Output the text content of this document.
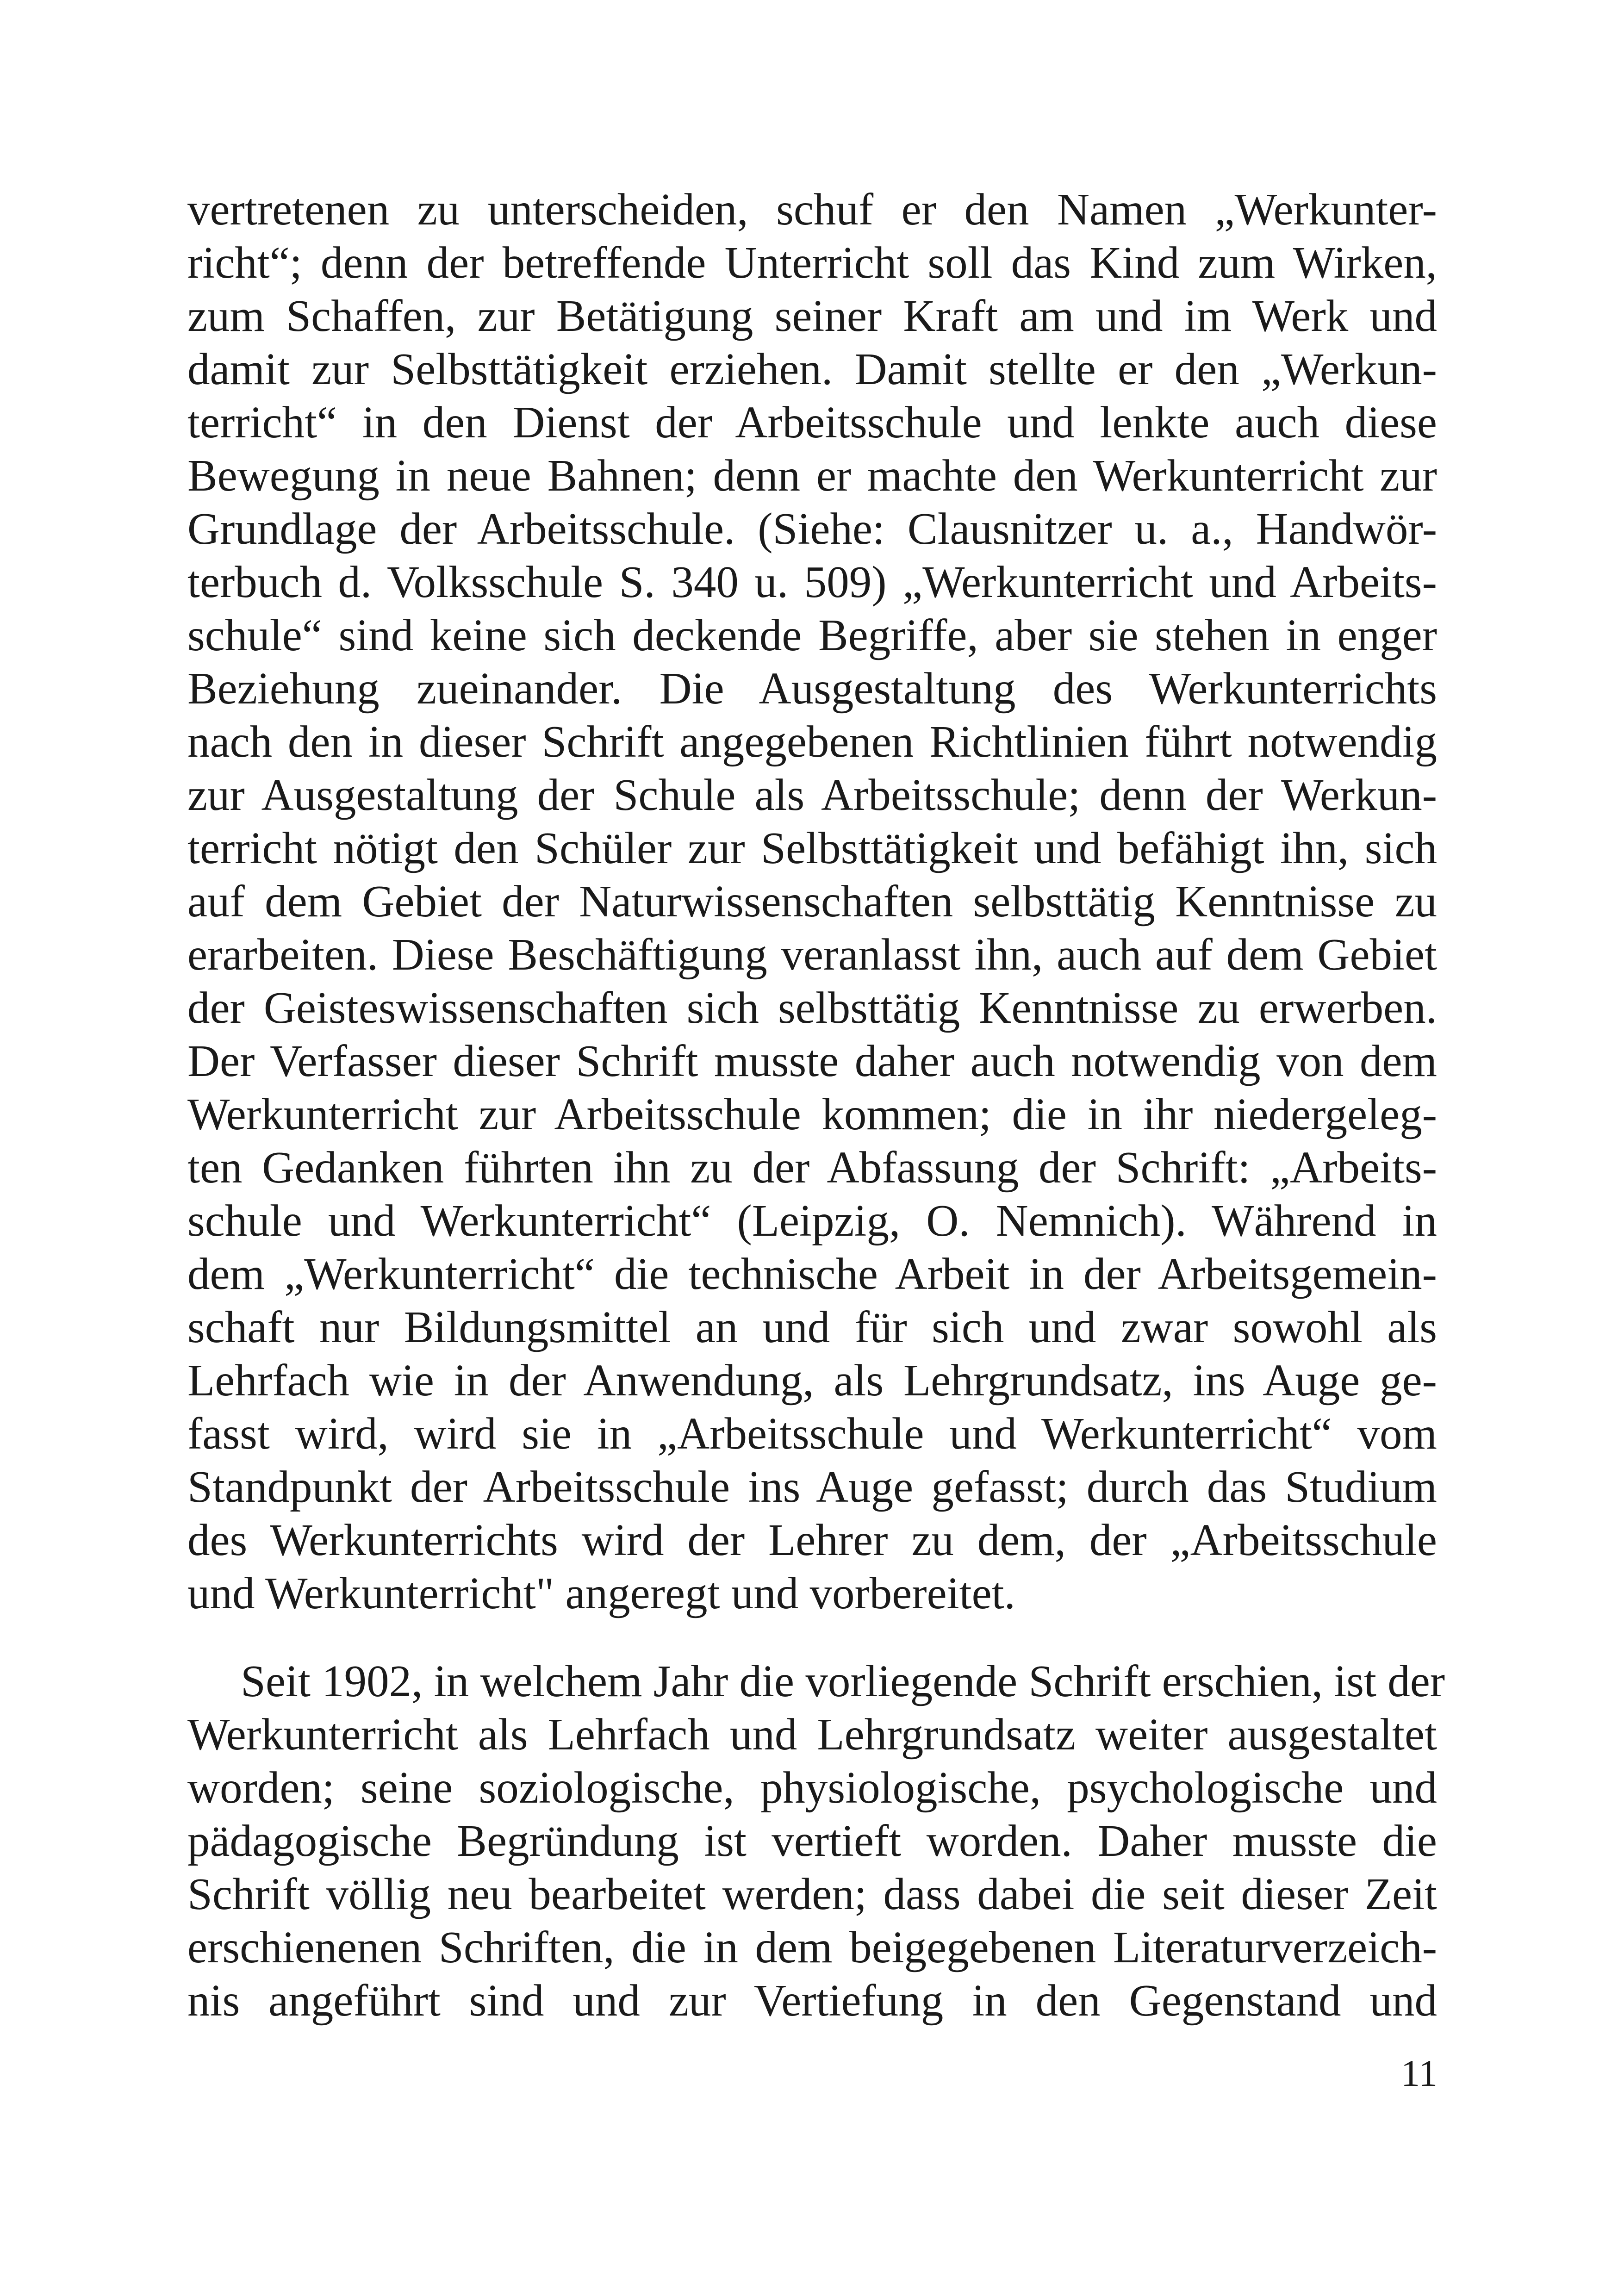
vertretenen zu unterscheiden, schuf er den Namen „Werkunter-
richt“; denn der betreffende Unterricht soll das Kind zum Wirken,
zum Schaffen, zur Betätigung seiner Kraft am und im Werk und
damit zur Selbsttätigkeit erziehen. Damit stellte er den „Werkun-
terricht“ in den Dienst der Arbeitsschule und lenkte auch diese
Bewegung in neue Bahnen; denn er machte den Werkunterricht zur
Grundlage der Arbeitsschule. (Siehe: Clausnitzer u. a., Handwör-
terbuch d. Volksschule S. 340 u. 509) „Werkunterricht und Arbeits-
schule“ sind keine sich deckende Begriffe, aber sie stehen in enger
Beziehung zueinander. Die Ausgestaltung des Werkunterrichts
nach den in dieser Schrift angegebenen Richtlinien führt notwendig
zur Ausgestaltung der Schule als Arbeitsschule; denn der Werkun-
terricht nötigt den Schüler zur Selbsttätigkeit und befähigt ihn, sich
auf dem Gebiet der Naturwissenschaften selbsttätig Kenntnisse zu
erarbeiten. Diese Beschäftigung veranlasst ihn, auch auf dem Gebiet
der Geisteswissenschaften sich selbsttätig Kenntnisse zu erwerben.
Der Verfasser dieser Schrift musste daher auch notwendig von dem
Werkunterricht zur Arbeitsschule kommen; die in ihr niedergeleg-
ten Gedanken führten ihn zu der Abfassung der Schrift: „Arbeits-
schule und Werkunterricht“ (Leipzig, O. Nemnich). Während in
dem „Werkunterricht“ die technische Arbeit in der Arbeitsgemein-
schaft nur Bildungsmittel an und für sich und zwar sowohl als
Lehrfach wie in der Anwendung, als Lehrgrundsatz, ins Auge ge-
fasst wird, wird sie in „Arbeitsschule und Werkunterricht“ vom
Standpunkt der Arbeitsschule ins Auge gefasst; durch das Studium
des Werkunterrichts wird der Lehrer zu dem, der „Arbeitsschule
und Werkunterricht" angeregt und vorbereitet.
Seit 1902, in welchem Jahr die vorliegende Schrift erschien, ist der
Werkunterricht als Lehrfach und Lehrgrundsatz weiter ausgestaltet
worden; seine soziologische, physiologische, psychologische und
pädagogische Begründung ist vertieft worden. Daher musste die
Schrift völlig neu bearbeitet werden; dass dabei die seit dieser Zeit
erschienenen Schriften, die in dem beigegebenen Literaturverzeich-
nis angeführt sind und zur Vertiefung in den Gegenstand und
11
